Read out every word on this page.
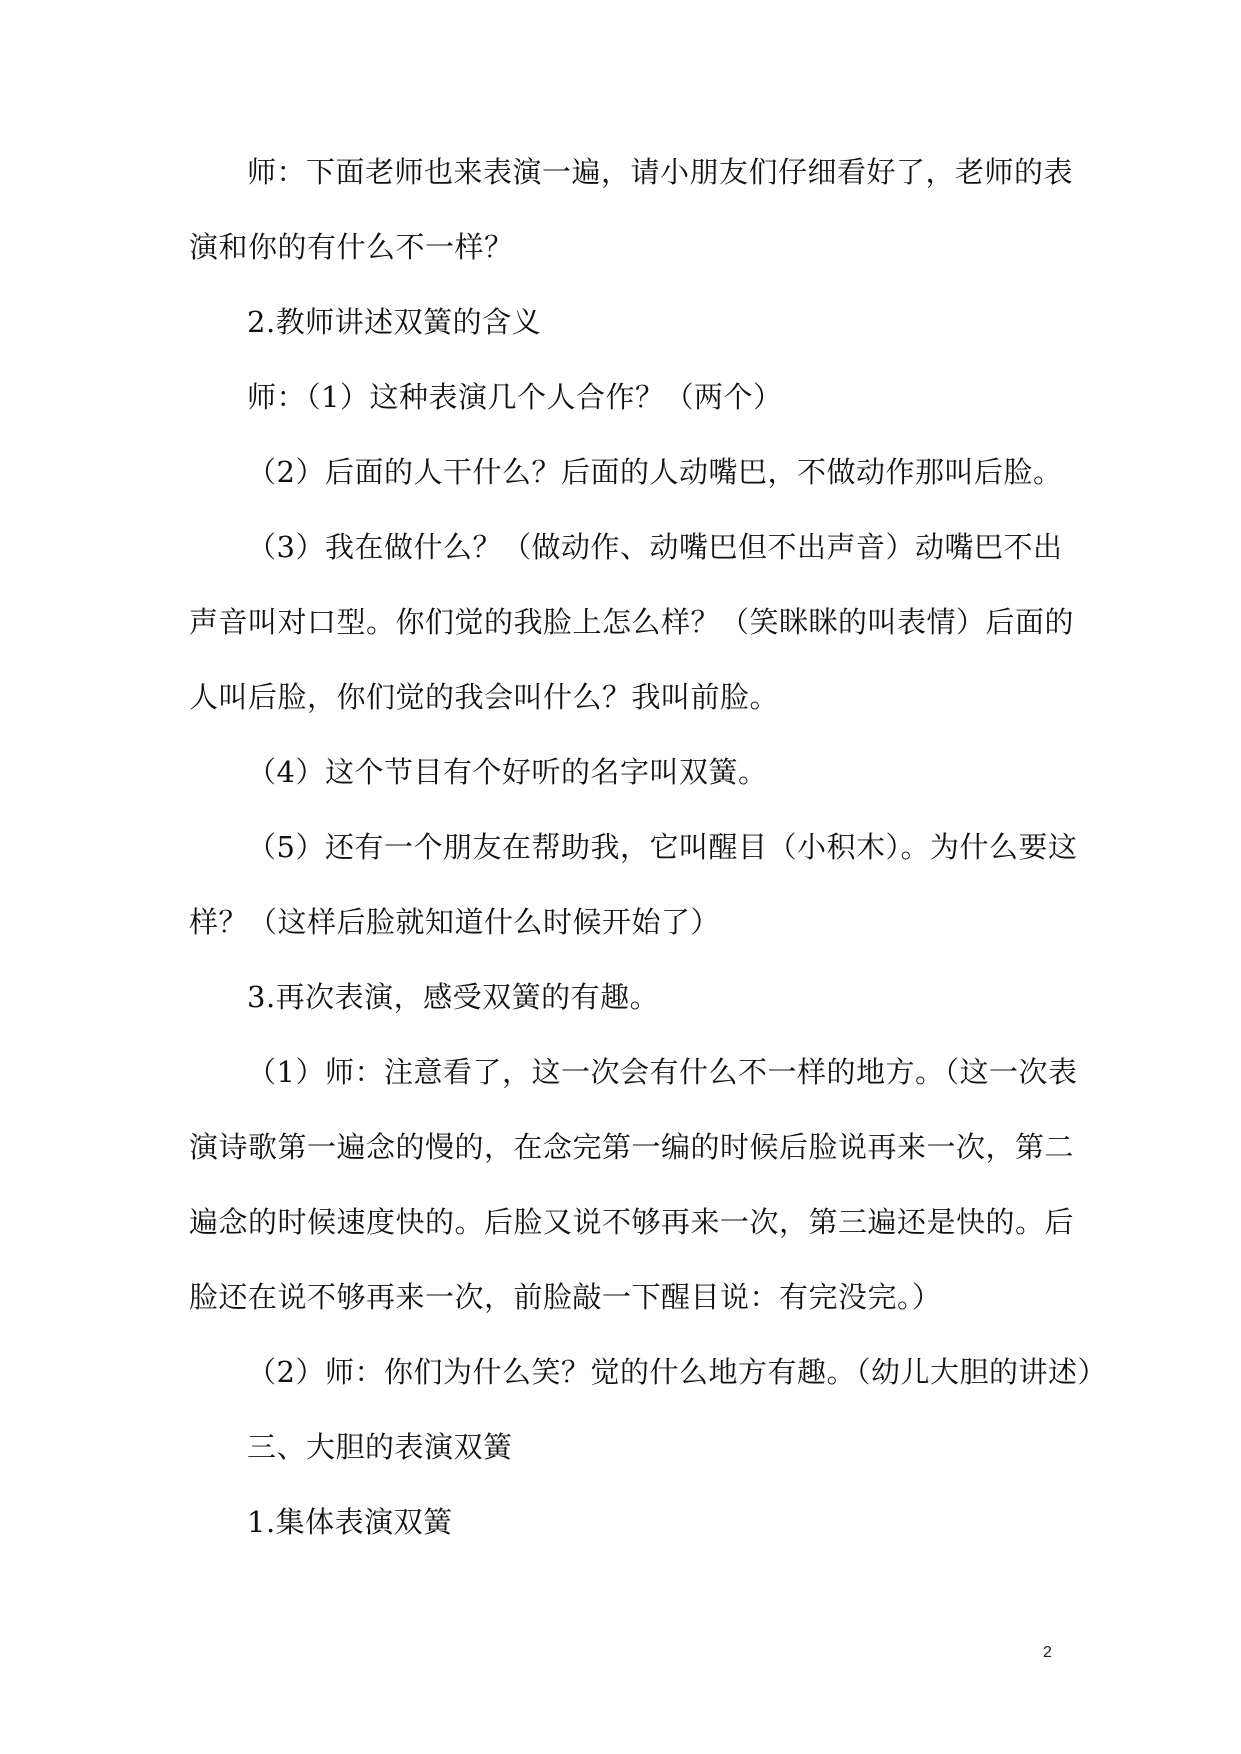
师：下面老师也来表演一遍，请小朋友们仔细看好了，老师的表
演和你的有什么不一样？
2.教师讲述双簧的含义
师：（1）这种表演几个人合作？（两个）
（2）后面的人干什么？后面的人动嘴巴，不做动作那叫后脸。
（3）我在做什么？（做动作、动嘴巴但不出声音）动嘴巴不出
声音叫对口型。你们觉的我脸上怎么样？（笑眯眯的叫表情）后面的
人叫后脸，你们觉的我会叫什么？我叫前脸。
（4）这个节目有个好听的名字叫双簧。
（5）还有一个朋友在帮助我，它叫醒目（小积木）。为什么要这
样？（这样后脸就知道什么时候开始了）
3.再次表演，感受双簧的有趣。
（1）师：注意看了，这一次会有什么不一样的地方。（这一次表
演诗歌第一遍念的慢的，在念完第一编的时候后脸说再来一次，第二
遍念的时候速度快的。后脸又说不够再来一次，第三遍还是快的。后
脸还在说不够再来一次，前脸敲一下醒目说：有完没完。）
（2）师：你们为什么笑？觉的什么地方有趣。（幼儿大胆的讲述）
三、大胆的表演双簧
1.集体表演双簧
2
